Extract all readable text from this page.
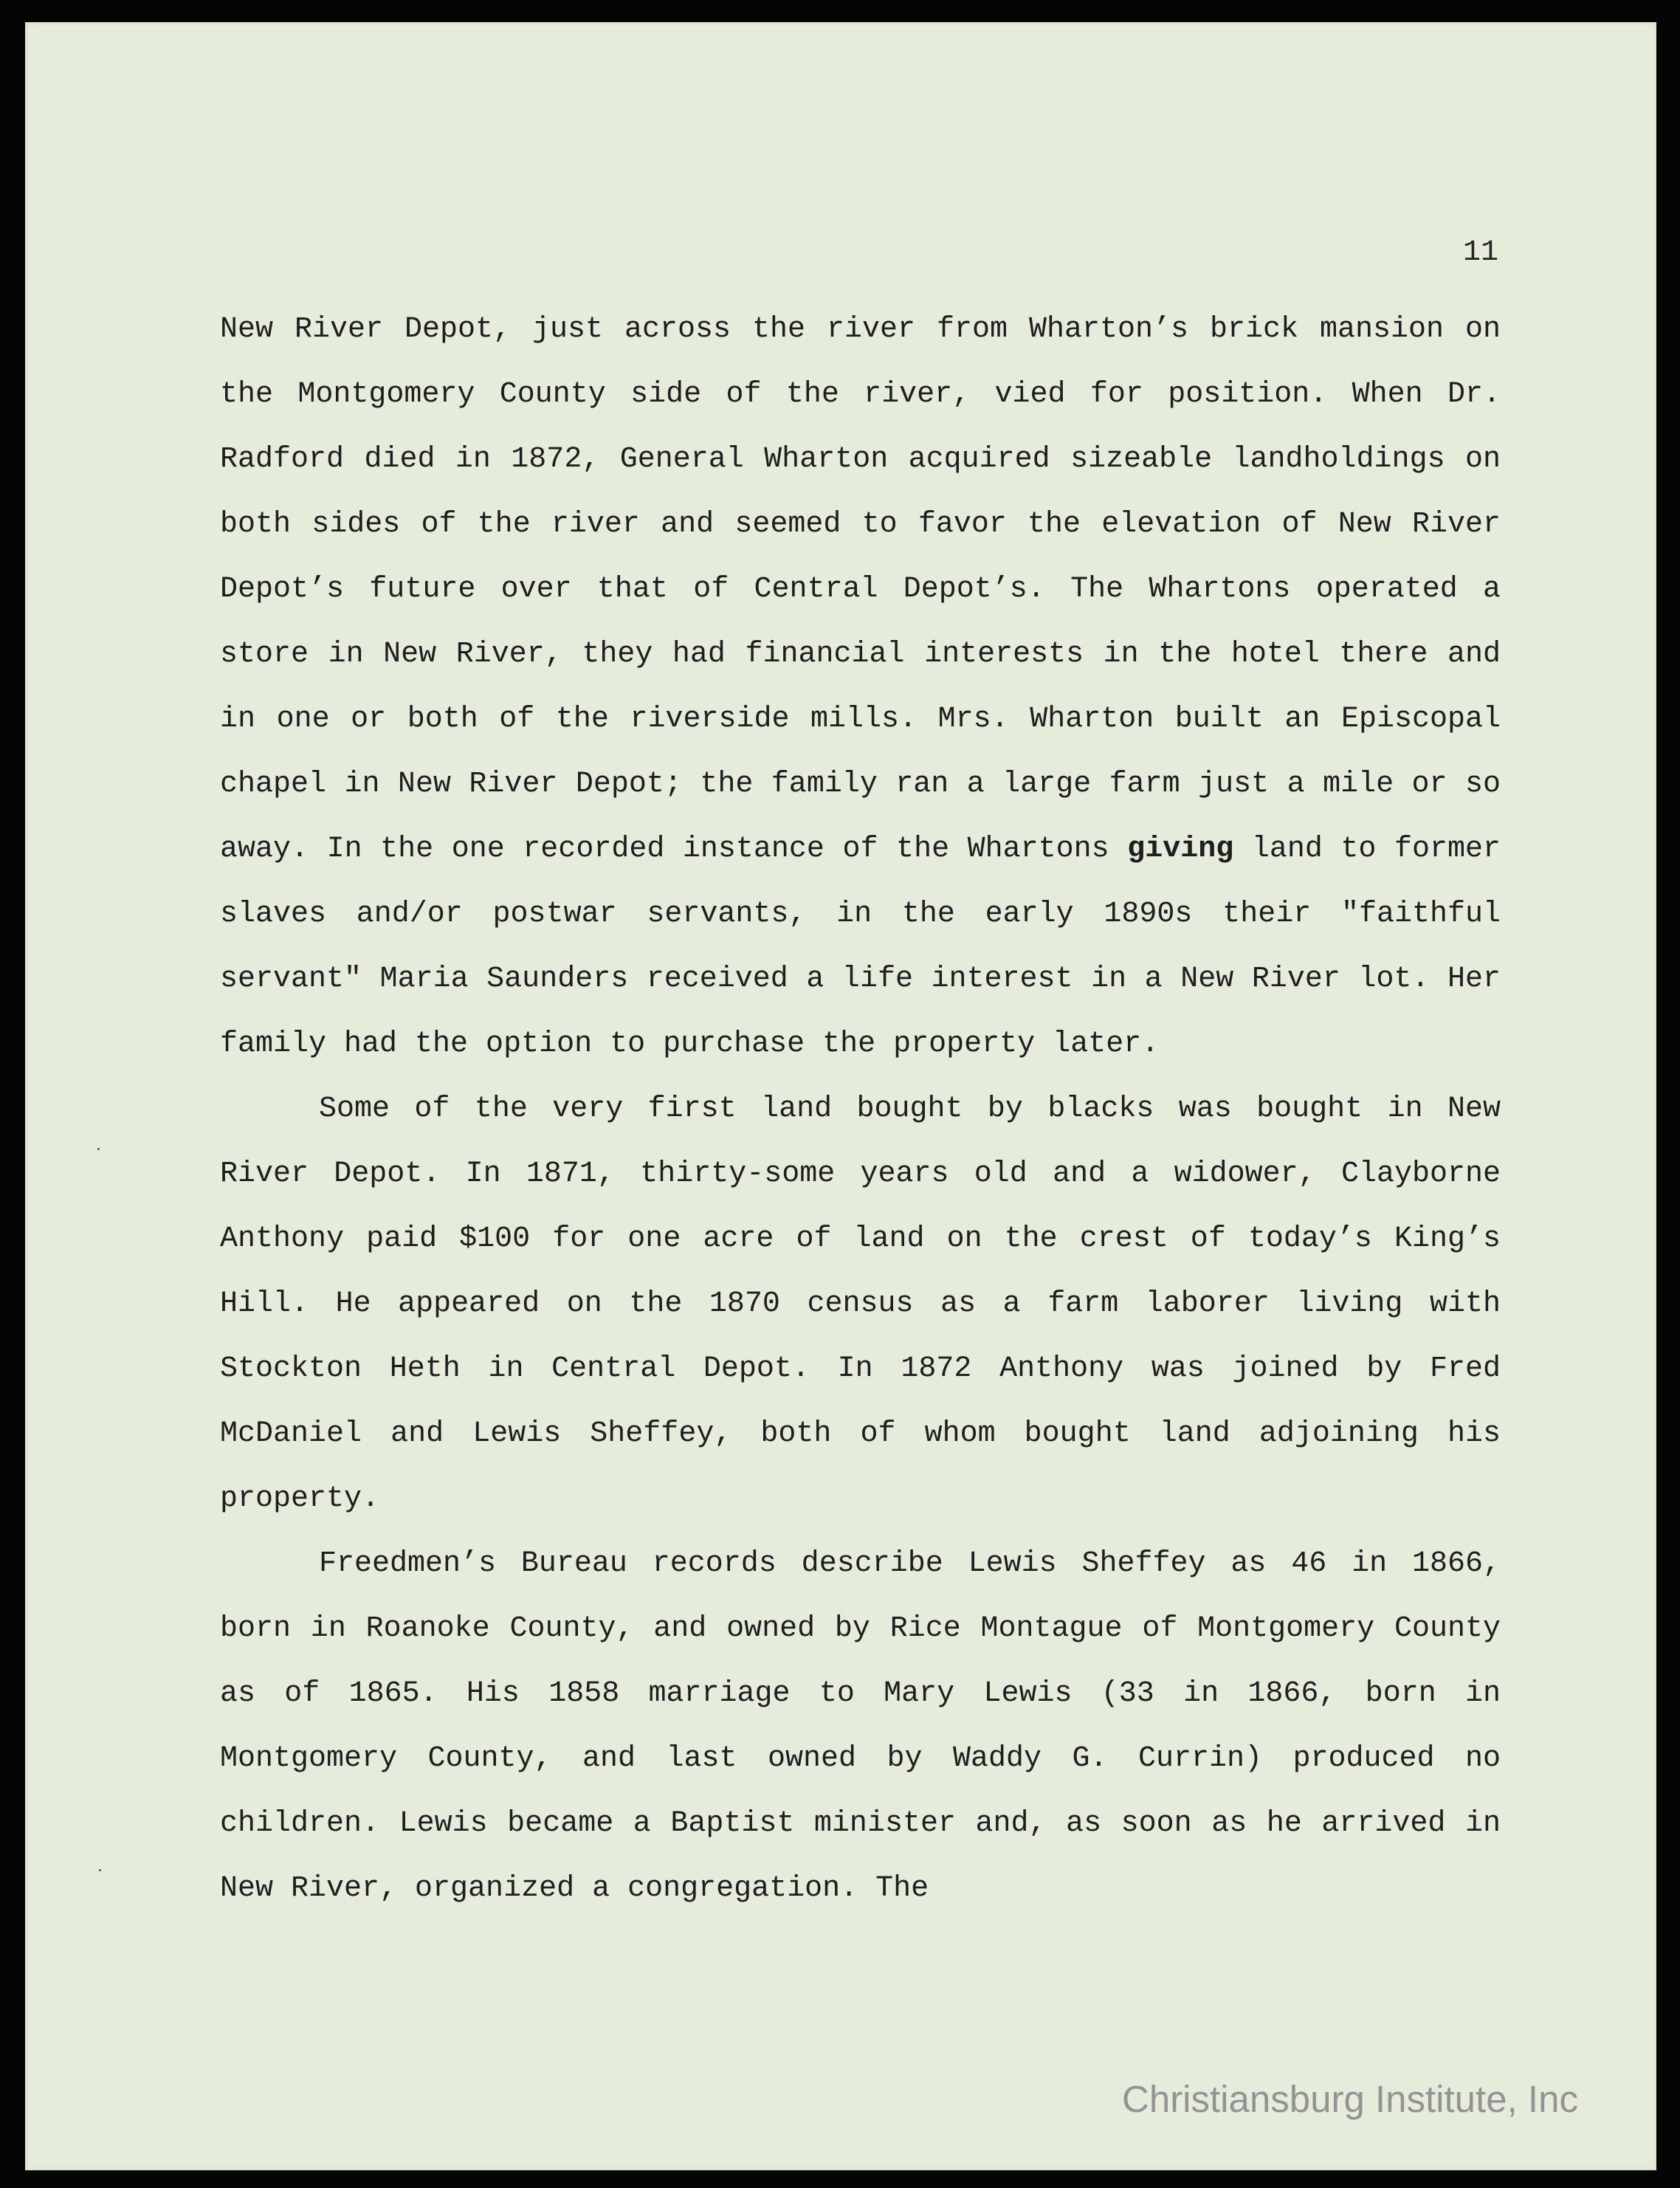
11

New River Depot, just across the river from Wharton’s brick mansion on the Montgomery County side of the river, vied for position. When Dr. Radford died in 1872, General Wharton acquired sizeable landholdings on both sides of the river and seemed to favor the elevation of New River Depot’s future over that of Central Depot’s. The Whartons operated a store in New River, they had financial interests in the hotel there and in one or both of the riverside mills. Mrs. Wharton built an Episcopal chapel in New River Depot; the family ran a large farm just a mile or so away. In the one recorded instance of the Whartons giving land to former slaves and/or postwar servants, in the early 1890s their "faithful servant" Maria Saunders received a life interest in a New River lot. Her family had the option to purchase the property later.

Some of the very first land bought by blacks was bought in New River Depot. In 1871, thirty-some years old and a widower, Clayborne Anthony paid $100 for one acre of land on the crest of today’s King’s Hill. He appeared on the 1870 census as a farm laborer living with Stockton Heth in Central Depot. In 1872 Anthony was joined by Fred McDaniel and Lewis Sheffey, both of whom bought land adjoining his property.

Freedmen’s Bureau records describe Lewis Sheffey as 46 in 1866, born in Roanoke County, and owned by Rice Montague of Montgomery County as of 1865. His 1858 marriage to Mary Lewis (33 in 1866, born in Montgomery County, and last owned by Waddy G. Currin) produced no children. Lewis became a Baptist minister and, as soon as he arrived in New River, organized a congregation. The

Christiansburg Institute, Inc
